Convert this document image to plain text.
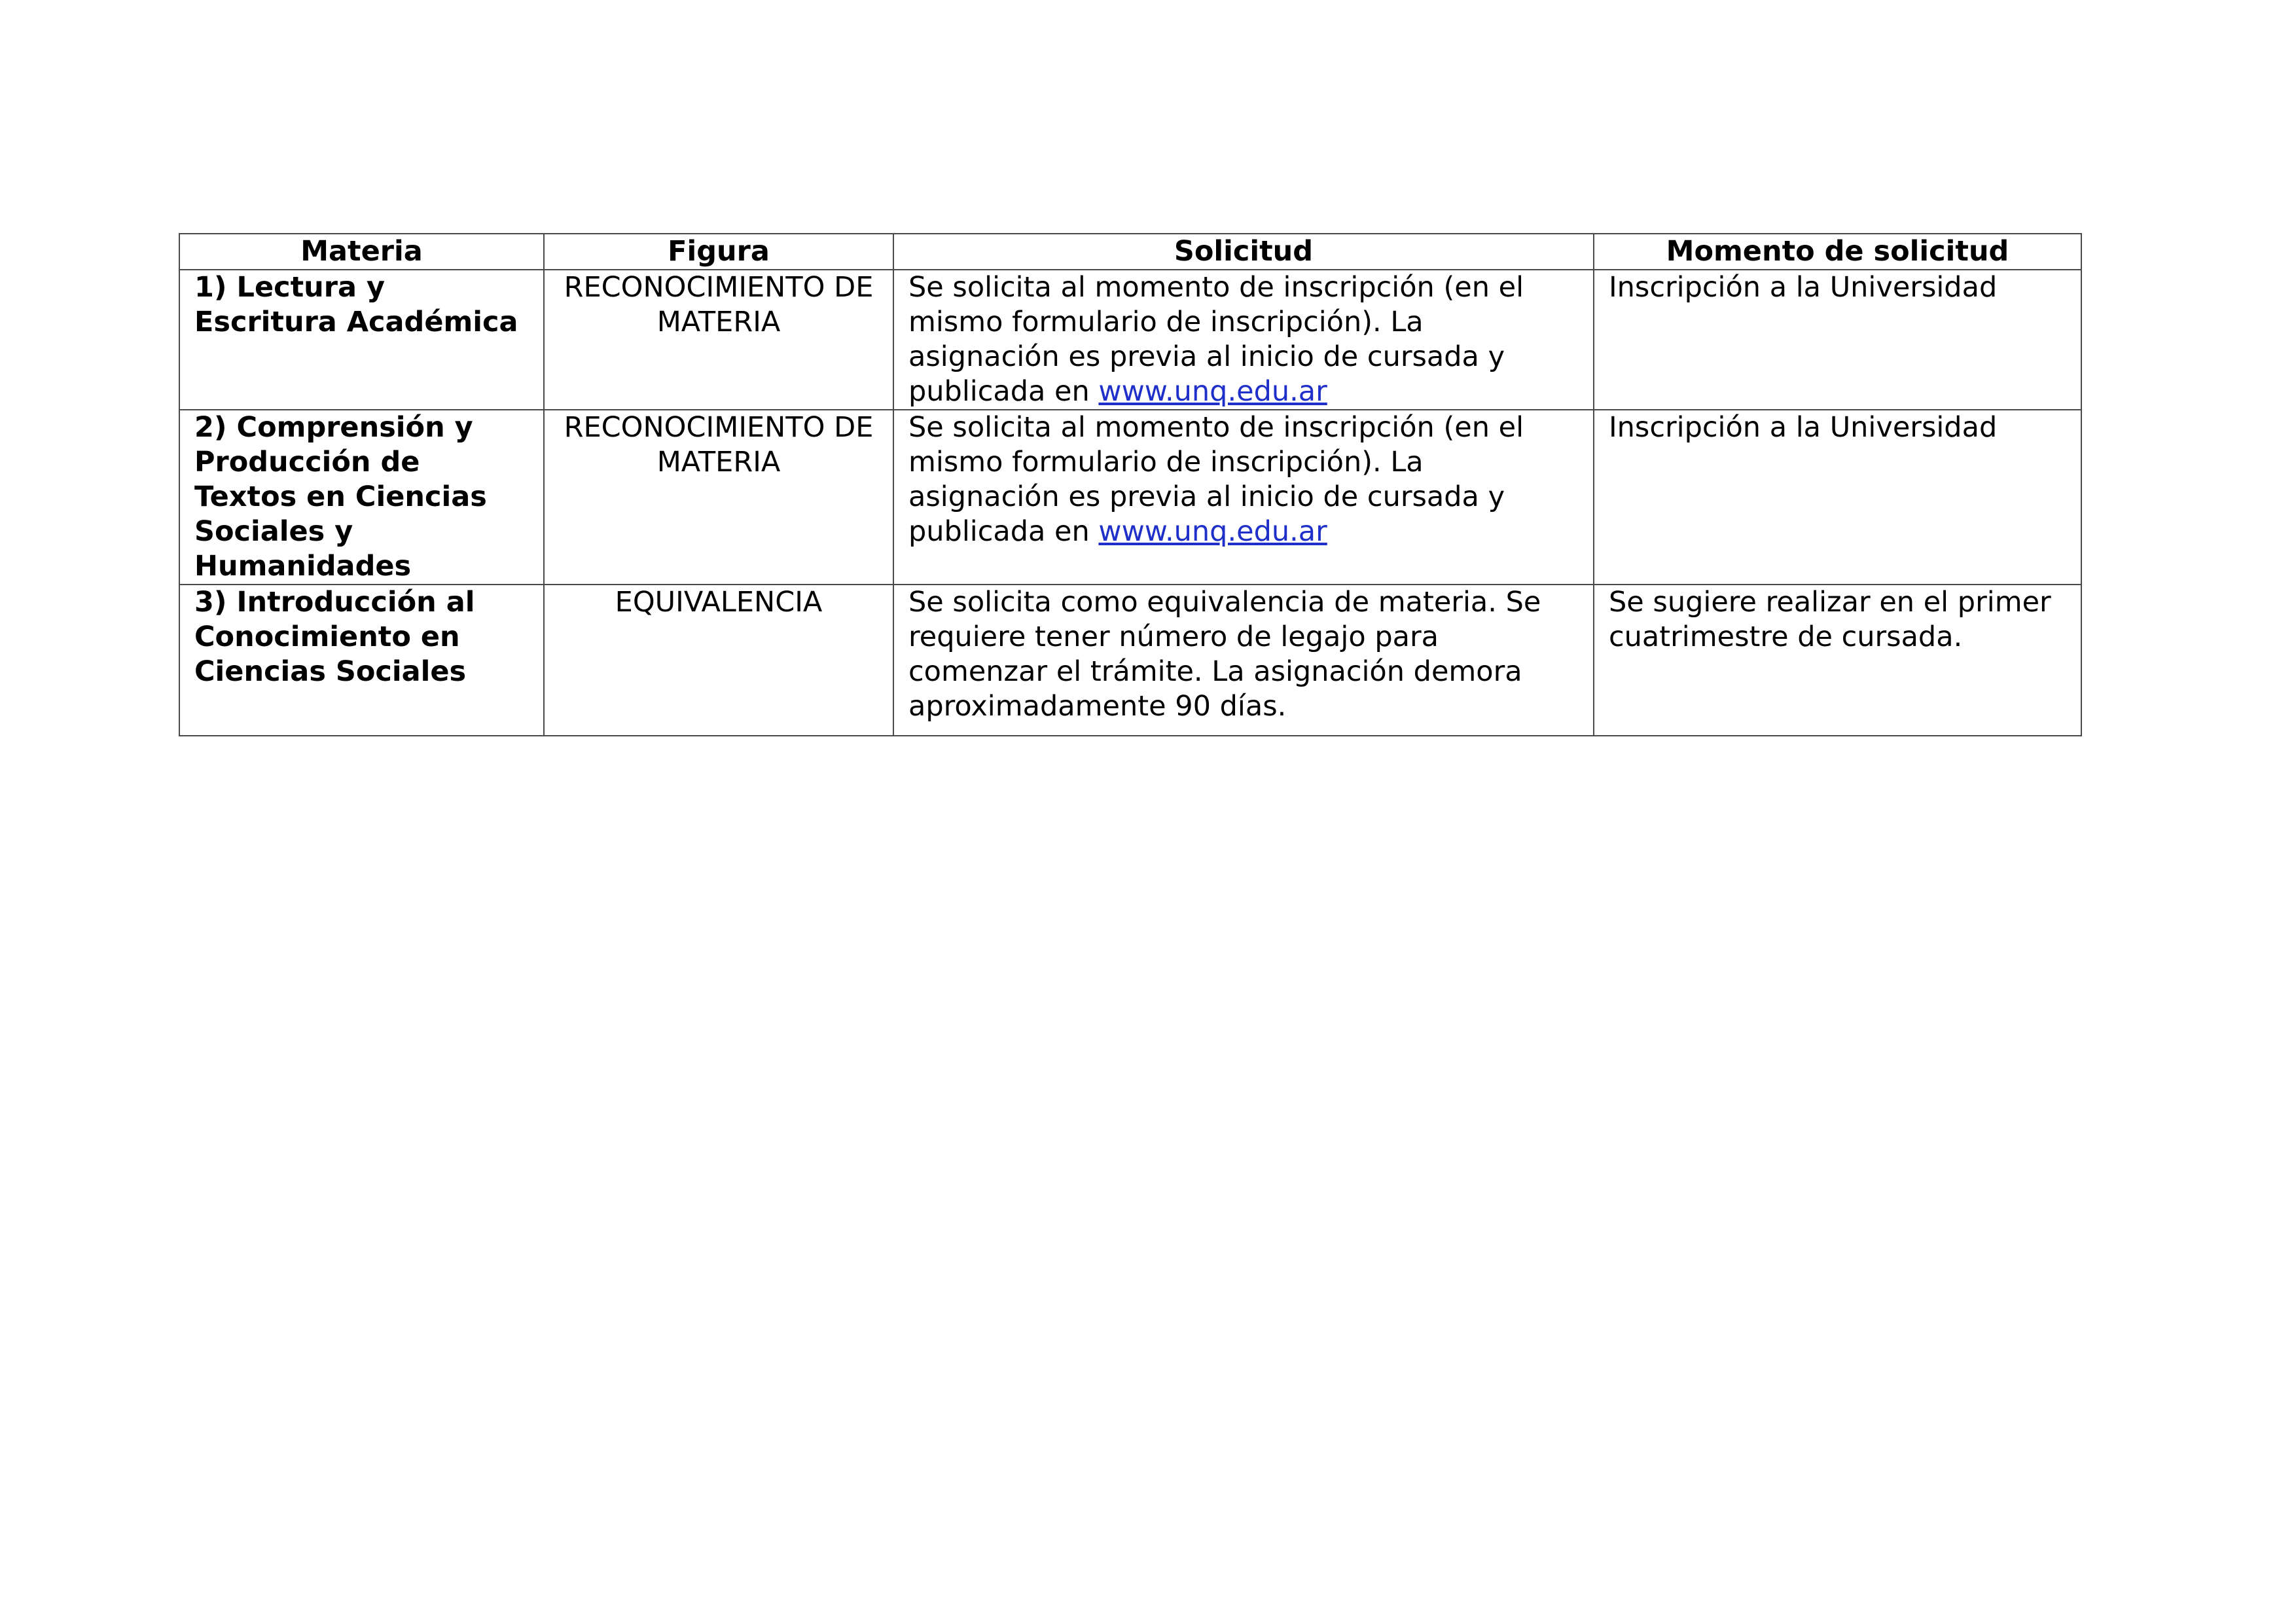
Materia	Figura	Solicitud	Momento de solicitud
1) Lectura y Escritura Académica	RECONOCIMIENTO DE MATERIA	Se solicita al momento de inscripción (en el mismo formulario de inscripción). La asignación es previa al inicio de cursada y publicada en www.unq.edu.ar	Inscripción a la Universidad
2) Comprensión y Producción de Textos en Ciencias Sociales y Humanidades	RECONOCIMIENTO DE MATERIA	Se solicita al momento de inscripción (en el mismo formulario de inscripción). La asignación es previa al inicio de cursada y publicada en www.unq.edu.ar	Inscripción a la Universidad
3) Introducción al Conocimiento en Ciencias Sociales	EQUIVALENCIA	Se solicita como equivalencia de materia. Se requiere tener número de legajo para comenzar el trámite. La asignación demora aproximadamente 90 días.	Se sugiere realizar en el primer cuatrimestre de cursada.
